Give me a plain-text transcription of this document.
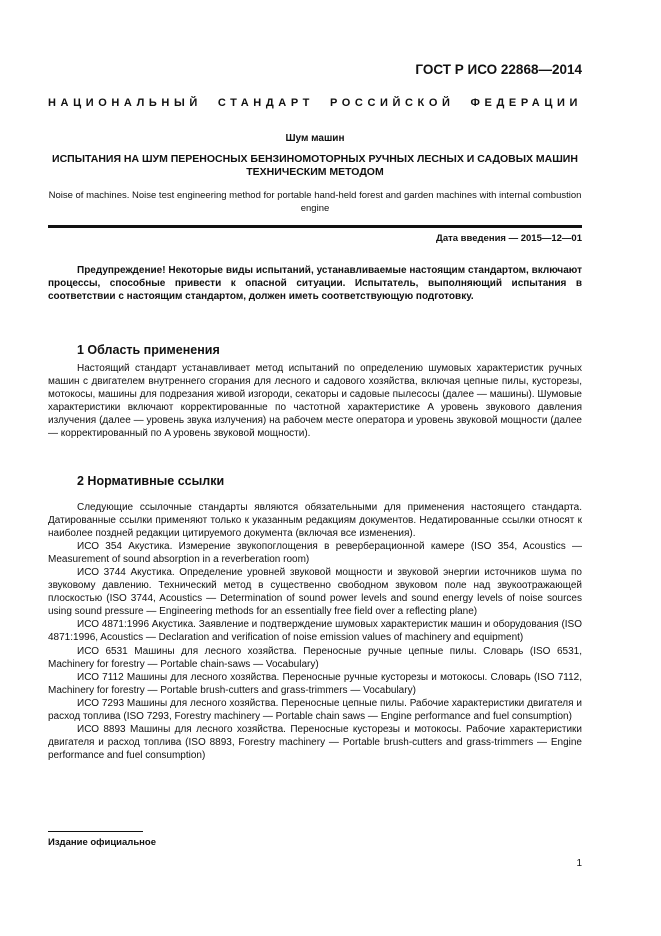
ГОСТ Р ИСО 22868—2014
НАЦИОНАЛЬНЫЙ СТАНДАРТ РОССИЙСКОЙ ФЕДЕРАЦИИ
Шум машин
ИСПЫТАНИЯ НА ШУМ ПЕРЕНОСНЫХ БЕНЗИНОМОТОРНЫХ РУЧНЫХ ЛЕСНЫХ И САДОВЫХ МАШИН ТЕХНИЧЕСКИМ МЕТОДОМ
Noise of machines. Noise test engineering method for portable hand-held forest and garden machines with internal combustion engine
Дата введения — 2015—12—01
Предупреждение! Некоторые виды испытаний, устанавливаемые настоящим стандартом, включают процессы, способные привести к опасной ситуации. Испытатель, выполняющий испытания в соответствии с настоящим стандартом, должен иметь соответствующую подготовку.
1 Область применения

Настоящий стандарт устанавливает метод испытаний по определению шумовых характеристик ручных машин с двигателем внутреннего сгорания для лесного и садового хозяйства, включая цепные пилы, кусторезы, мотокосы, машины для подрезания живой изгороди, секаторы и садовые пылесосы (далее — машины). Шумовые характеристики включают корректированные по частотной характеристике A уровень звукового давления излучения (далее — уровень звука излучения) на рабочем месте оператора и уровень звуковой мощности (далее — корректированный по A уровень звуковой мощности).

2 Нормативные ссылки

Следующие ссылочные стандарты являются обязательными для применения настоящего стандарта. Датированные ссылки применяют только к указанным редакциям документов. Недатированные ссылки относят к наиболее поздней редакции цитируемого документа (включая все изменения).

ИСО 354 Акустика. Измерение звукопоглощения в реверберационной камере (ISO 354, Acoustics — Measurement of sound absorption in a reverberation room)

ИСО 3744 Акустика. Определение уровней звуковой мощности и звуковой энергии источников шума по звуковому давлению. Технический метод в существенно свободном звуковом поле над звукоотражающей плоскостью (ISO 3744, Acoustics — Determination of sound power levels and sound energy levels of noise sources using sound pressure — Engineering methods for an essentially free field over a reflecting plane)

ИСО 4871:1996 Акустика. Заявление и подтверждение шумовых характеристик машин и оборудования (ISO 4871:1996, Acoustics — Declaration and verification of noise emission values of machinery and equipment)

ИСО 6531 Машины для лесного хозяйства. Переносные ручные цепные пилы. Словарь (ISO 6531, Machinery for forestry — Portable chain-saws — Vocabulary)

ИСО 7112 Машины для лесного хозяйства. Переносные ручные кусторезы и мотокосы. Словарь (ISO 7112, Machinery for forestry — Portable brush-cutters and grass-trimmers — Vocabulary)

ИСО 7293 Машины для лесного хозяйства. Переносные цепные пилы. Рабочие характеристики двигателя и расход топлива (ISO 7293, Forestry machinery — Portable chain saws — Engine performance and fuel consumption)

ИСО 8893 Машины для лесного хозяйства. Переносные кусторезы и мотокосы. Рабочие характеристики двигателя и расход топлива (ISO 8893, Forestry machinery — Portable brush-cutters and grass-trimmers — Engine performance and fuel consumption)

Издание официальное
1
